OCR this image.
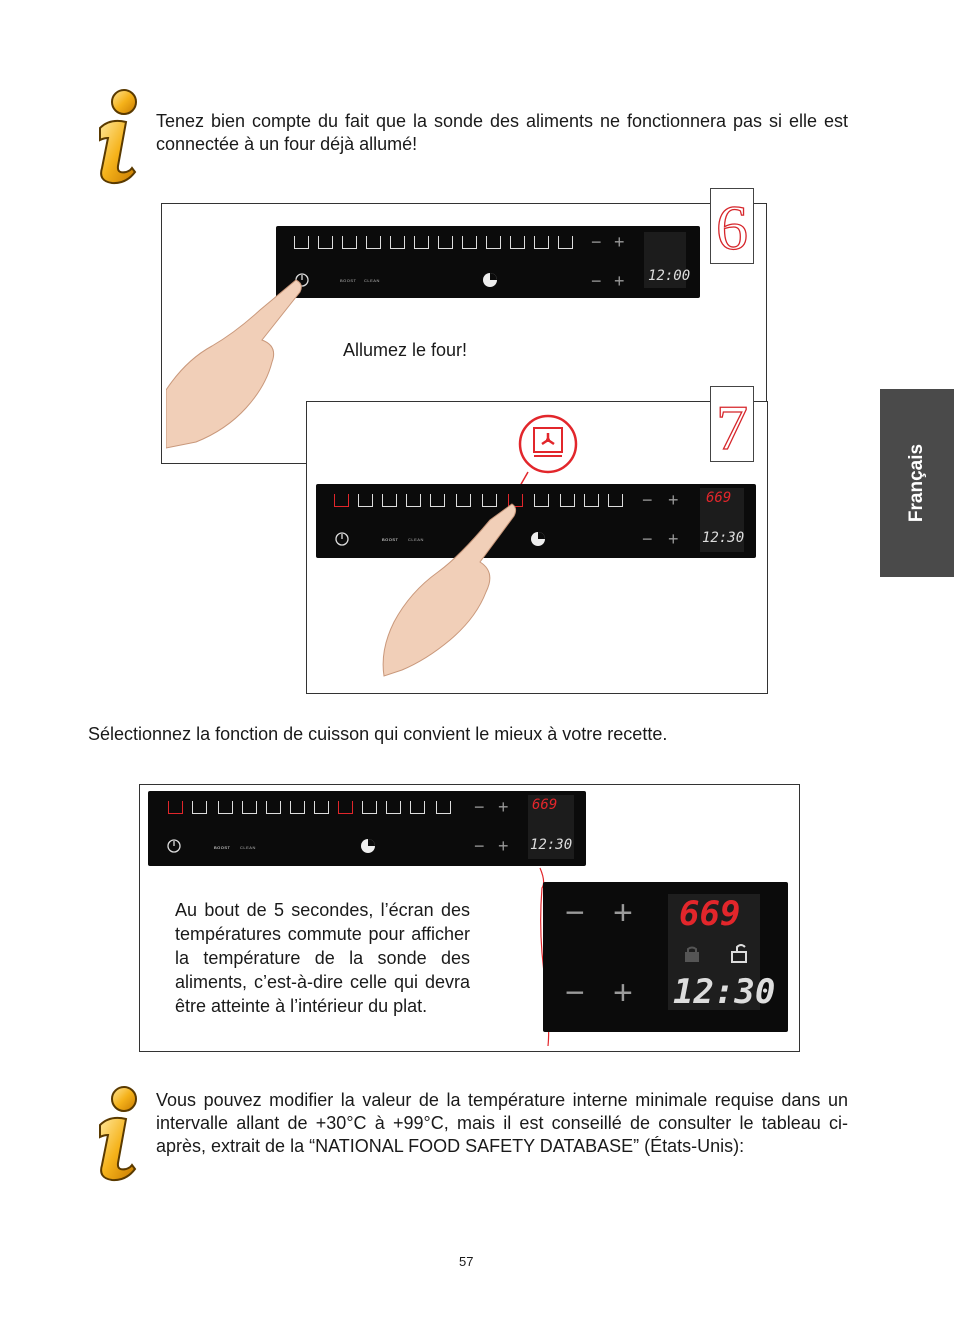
Tenez bien compte du fait que la sonde des aliments ne fonctionnera pas si elle est connectée à un four déjà allumé!
6
− +
12:00
BOOST CLEAN	− +
Allumez le four!
7
− + 669
12:30
BOOST CLEAN	− +
Sélectionnez la fonction de cuisson qui convient le mieux à votre recette.
− + 669
12:30
BOOST CLEAN	− +
Au bout de 5 secondes, l’écran des températures commute pour afficher la température de la sonde des aliments, c’est-à-dire celle qui devra être atteinte à l’intérieur du plat.
− +
− +
669
12:30
Vous pouvez modifier la valeur de la température interne minimale requise dans un intervalle allant de +30°C à +99°C, mais il est conseillé de consulter le tableau ci-après, extrait de la “NATIONAL FOOD SAFETY DATABASE” (États-Unis):
Français
57
